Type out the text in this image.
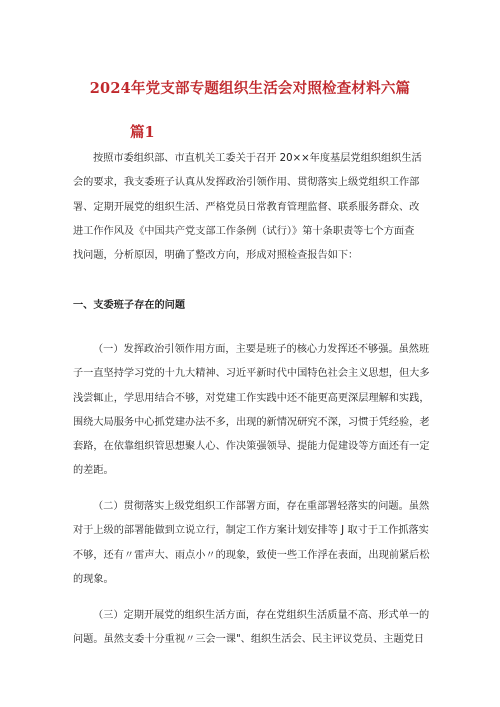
2024年党支部专题组织生活会对照检查材料六篇
篇1
按照市委组织部、市直机关工委关于召开 20××年度基层党组织组织生活
会的要求，我支委班子认真从发挥政治引领作用、贯彻落实上级党组织工作部
署、定期开展党的组织生活、严格党员日常教育管理监督、联系服务群众、改
进工作作风及《中国共产党支部工作条例（试行）》第十条职责等七个方面查
找问题，分析原因，明确了整改方向，形成对照检查报告如下：
一、支委班子存在的问题
（一）发挥政治引领作用方面，主要是班子的核心力发挥还不够强。虽然班
子一直坚持学习党的十九大精神、习近平新时代中国特色社会主义思想，但大多
浅尝辄止，学思用结合不够，对党建工作实践中还不能更高更深层理解和实践，
围绕大局服务中心抓党建办法不多，出现的新情况研究不深，习惯于凭经验，老
套路，在依靠组织管思想聚人心、作决策强领导、提能力促建设等方面还有一定
的差距。
（二）贯彻落实上级党组织工作部署方面，存在重部署轻落实的问题。虽然
对于上级的部署能做到立说立行，制定工作方案计划安排等 J 取寸于工作抓落实
不够，还有〃雷声大、雨点小〃的现象，致使一些工作浮在表面，出现前紧后松
的现象。
（三）定期开展党的组织生活方面，存在党组织生活质量不高、形式单一的
问题。虽然支委十分重视〃三会一课"、组织生活会、民主评议党员、主题党日
